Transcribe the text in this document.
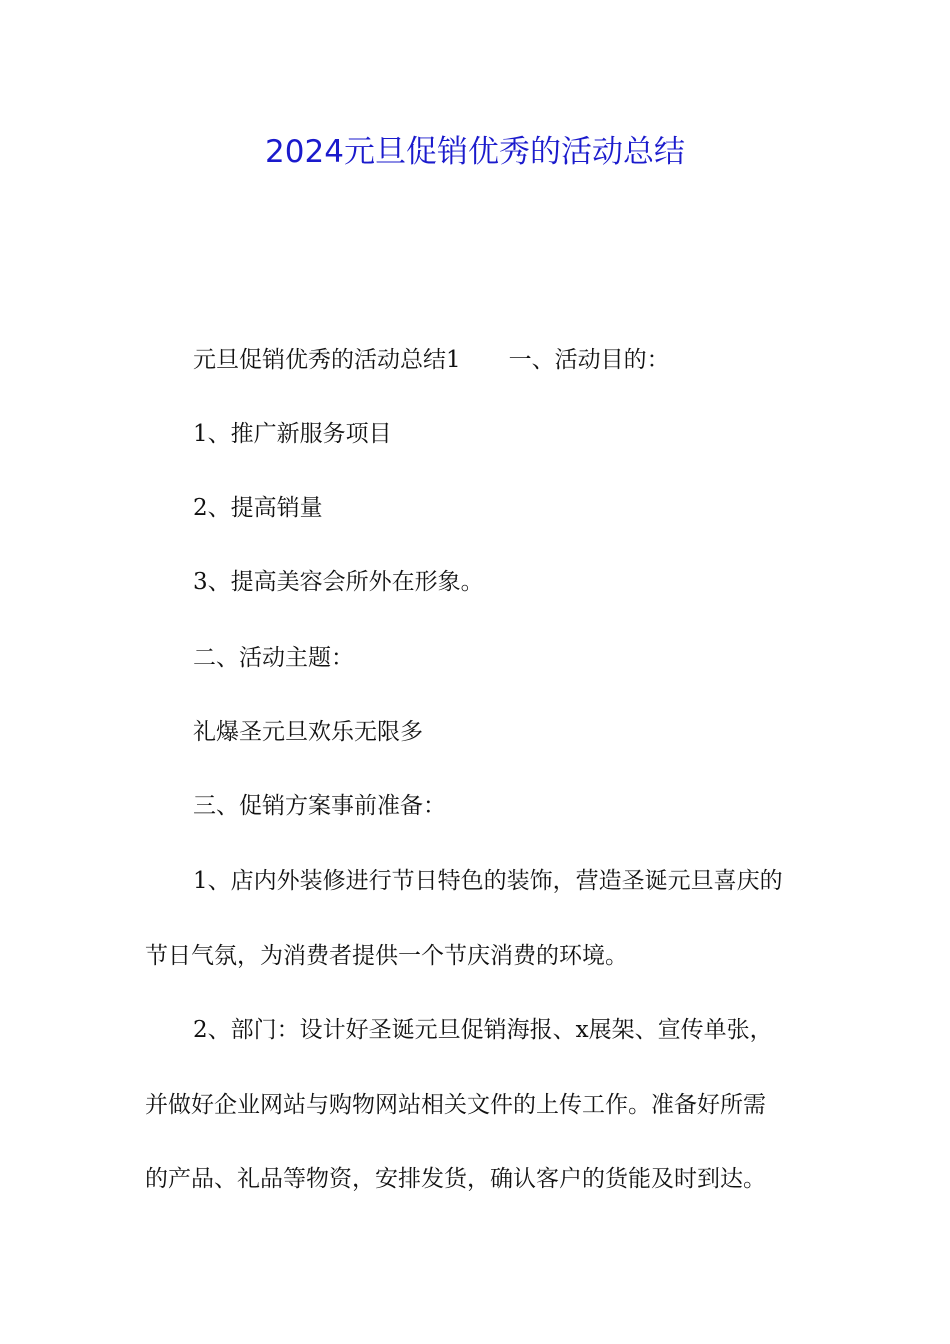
2024元旦促销优秀的活动总结
元旦促销优秀的活动总结1 一、活动目的：
1、推广新服务项目
2、提高销量
3、提高美容会所外在形象。
二、活动主题：
礼爆圣元旦欢乐无限多
三、促销方案事前准备：
1、店内外装修进行节日特色的装饰，营造圣诞元旦喜庆的
节日气氛，为消费者提供一个节庆消费的环境。
2、部门：设计好圣诞元旦促销海报、x展架、宣传单张，
并做好企业网站与购物网站相关文件的上传工作。准备好所需
的产品、礼品等物资，安排发货，确认客户的货能及时到达。
